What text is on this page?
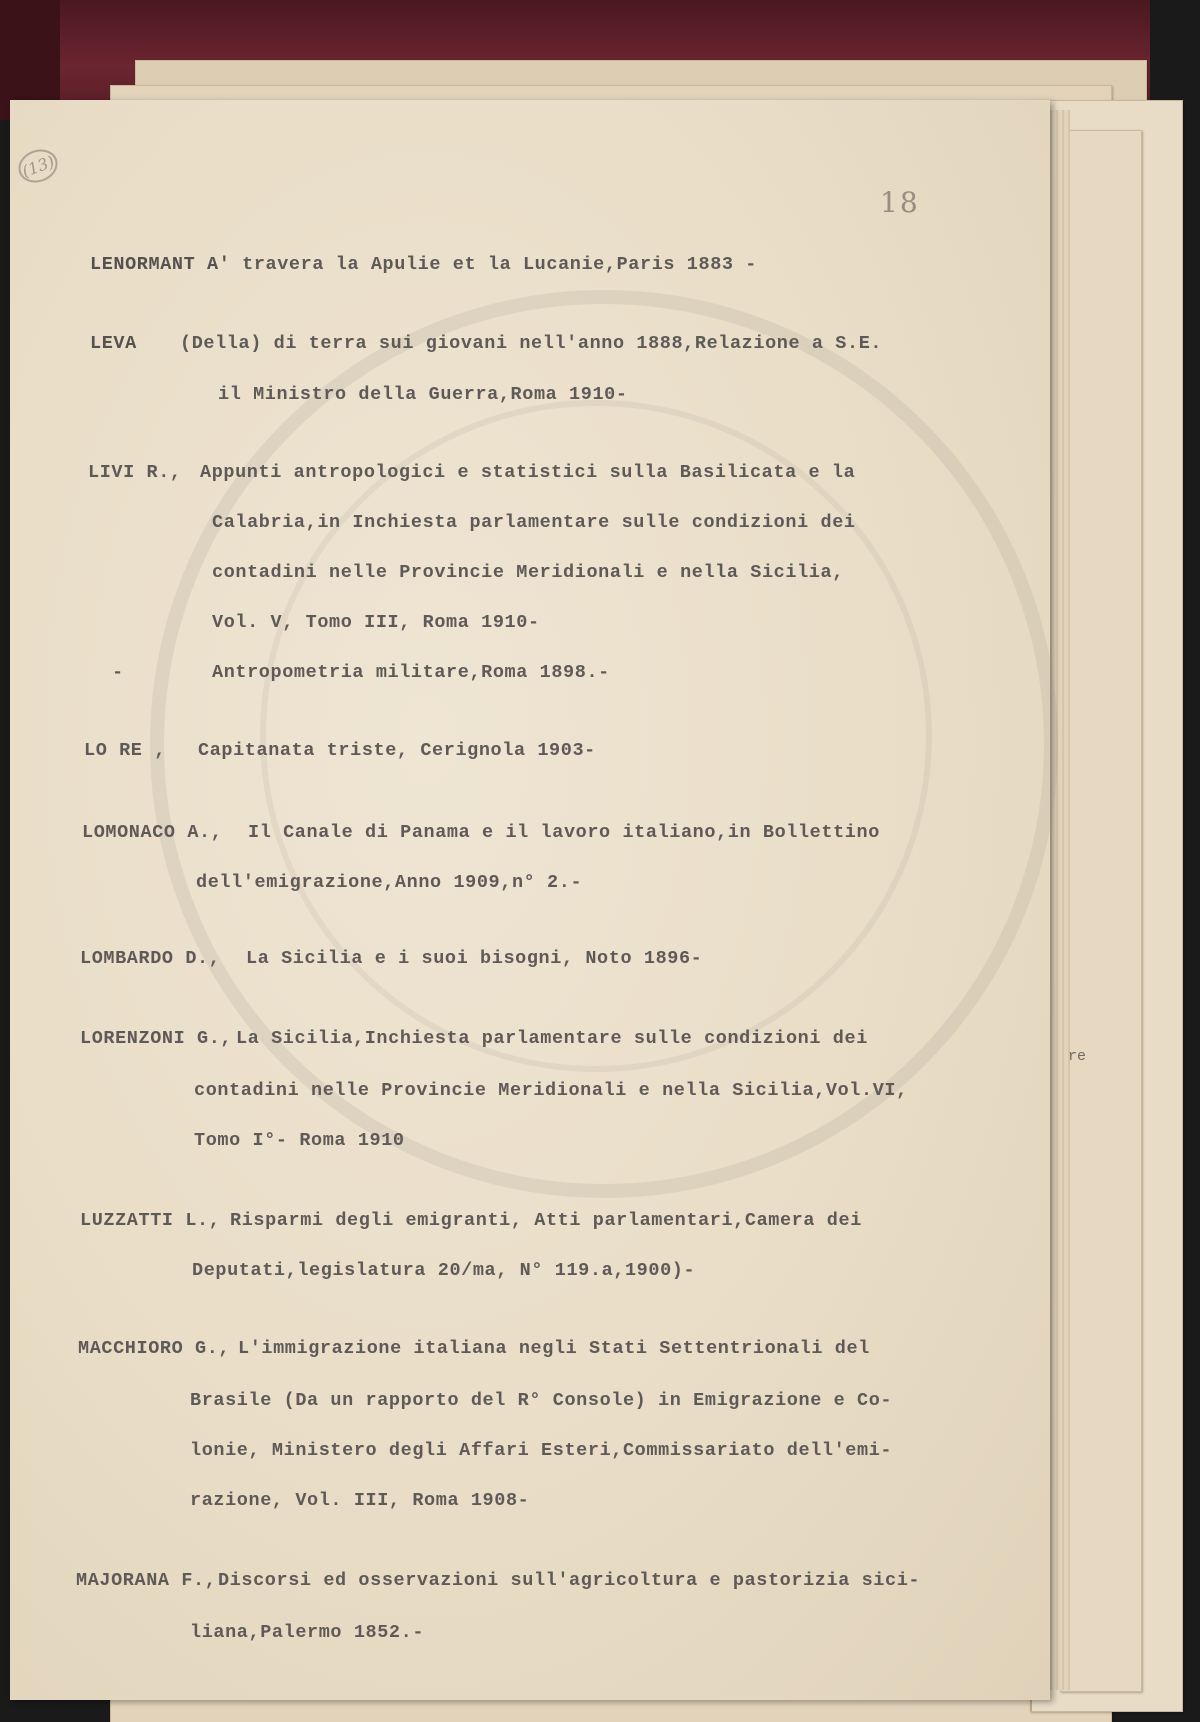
(13)
18
re
LENORMANT A' traverа la Apulie et la Lucanie,Paris 1883 -
LEVA (Della) di terra sui giovani nell'anno 1888,Relazione a S.E.
il Ministro della Guerra,Roma 1910-
LIVI R., Appunti antropologici e statistici sulla Basilicata e la
Calabria,in Inchiesta parlamentare sulle condizioni dei
contadini nelle Provincie Meridionali e nella Sicilia,
Vol. V, Tomo III, Roma 1910-
-	Antropometria militare,Roma 1898.-
LO RE , Capitanata triste, Cerignola 1903-
LOMONACO A., Il Canale di Panama e il lavoro italiano,in Bollettino
dell'emigrazione,Anno 1909,n° 2.-
LOMBARDO D., La Sicilia e i suoi bisogni, Noto 1896-
LORENZONI G., La Sicilia,Inchiesta parlamentare sulle condizioni dei
contadini nelle Provincie Meridionali e nella Sicilia,Vol.VI,
Tomo I°- Roma 1910
LUZZATTI L., Risparmi degli emigranti, Atti parlamentari,Camera dei
Deputati,legislatura 20/ma, N° 119.a,1900)-
MACCHIORO G., L'immigrazione italiana negli Stati Settentrionali del
Brasile (Da un rapporto del R° Console) in Emigrazione e Co-
lonie, Ministero degli Affari Esteri,Commissariato dell'emi-
razione, Vol. III, Roma 1908-
MAJORANA F., Discorsi ed osservazioni sull'agricoltura e pastorizia sici-
liana,Palermo 1852.-
